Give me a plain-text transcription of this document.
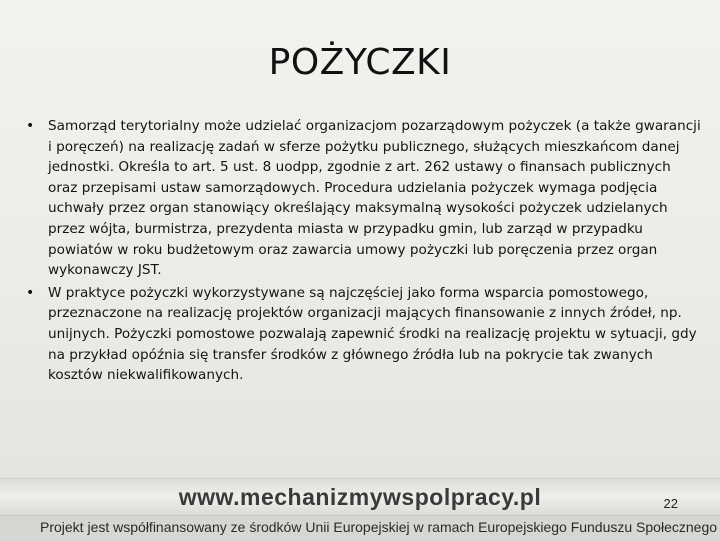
POŻYCZKI
• Samorząd terytorialny może udzielać organizacjom pozarządowym pożyczek (a także gwarancji i poręczeń) na realizację zadań w sferze pożytku publicznego, służących mieszkańcom danej jednostki. Określa to art. 5 ust. 8 uodpp, zgodnie z art. 262 ustawy o finansach publicznych oraz przepisami ustaw samorządowych. Procedura udzielania pożyczek wymaga podjęcia uchwały przez organ stanowiący określający maksymalną wysokości pożyczek udzielanych przez wójta, burmistrza, prezydenta miasta w przypadku gmin, lub zarząd w przypadku powiatów w roku budżetowym oraz zawarcia umowy pożyczki lub poręczenia przez organ wykonawczy JST.
• W praktyce pożyczki wykorzystywane są najczęściej jako forma wsparcia pomostowego, przeznaczone na realizację projektów organizacji mających finansowanie z innych źródeł, np. unijnych. Pożyczki pomostowe pozwalają zapewnić środki na realizację projektu w sytuacji, gdy na przykład opóźnia się transfer środków z głównego źródła lub na pokrycie tak zwanych kosztów niekwalifikowanych.
www.mechanizmywspolpracy.pl	22
Projekt jest współfinansowany ze środków Unii Europejskiej w ramach Europejskiego Funduszu Społecznego
